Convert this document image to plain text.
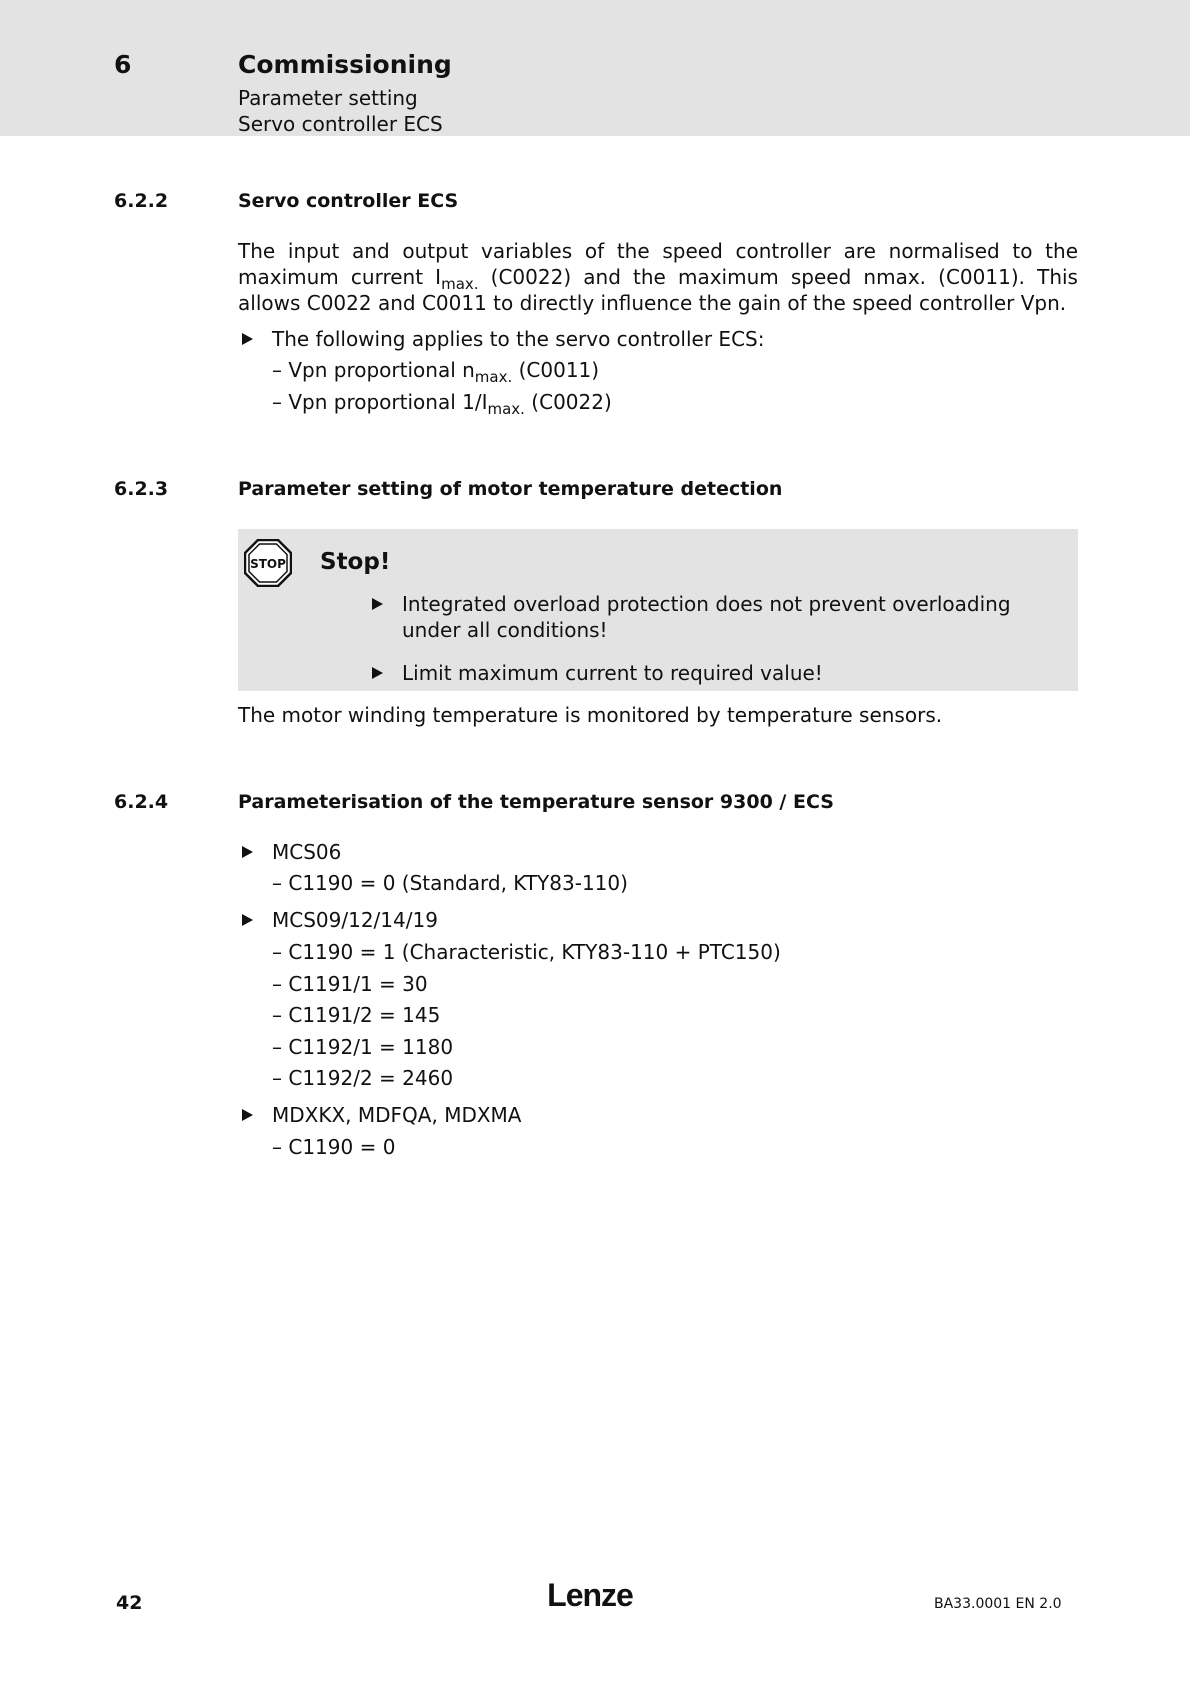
6	Commissioning
Parameter setting
Servo controller ECS
6.2.2	Servo controller ECS
The input and output variables of the speed controller are normalised to the maximum current $I_{max.}$ (C0022) and the maximum speed nmax. (C0011). This allows C0022 and C0011 to directly influence the gain of the speed controller Vpn.
The following applies to the servo controller ECS:
– Vpn proportional $n_{max.}$ (C0011)
– Vpn proportional $1/I_{max.}$ (C0022)
6.2.3	Parameter setting of motor temperature detection
STOP Stop!
Integrated overload protection does not prevent overloading under all conditions!
Limit maximum current to required value!
The motor winding temperature is monitored by temperature sensors.
6.2.4	Parameterisation of the temperature sensor 9300 / ECS
MCS06
– C1190 = 0 (Standard, KTY83-110)
MCS09/12/14/19
– C1190 = 1 (Characteristic, KTY83-110 + PTC150)
– C1191/1 = 30
– C1191/2 = 145
– C1192/1 = 1180
– C1192/2 = 2460
MDXKX, MDFQA, MDXMA
– C1190 = 0
42	Lenze	BA33.0001 EN 2.0
